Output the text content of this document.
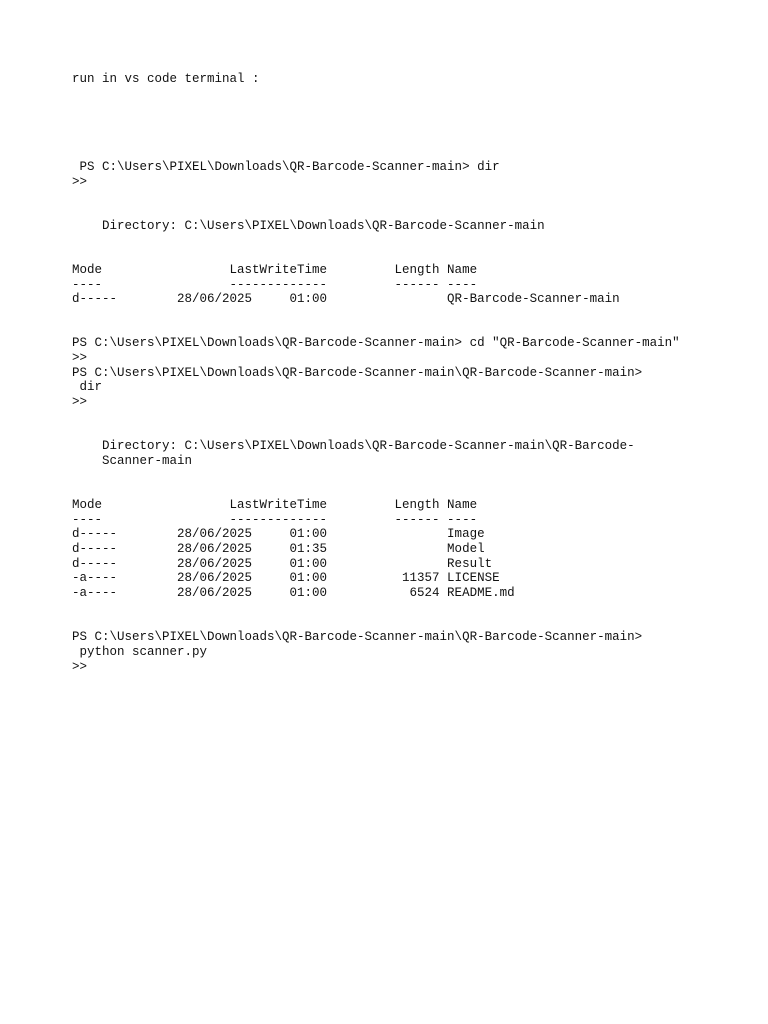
run in vs code terminal :
PS C:\Users\PIXEL\Downloads\QR-Barcode-Scanner-main> dir
>>
Directory: C:\Users\PIXEL\Downloads\QR-Barcode-Scanner-main
Mode                 LastWriteTime         Length Name
----                 -------------         ------ ----
d-----        28/06/2025     01:00                QR-Barcode-Scanner-main
PS C:\Users\PIXEL\Downloads\QR-Barcode-Scanner-main> cd "QR-Barcode-Scanner-main"
>>
PS C:\Users\PIXEL\Downloads\QR-Barcode-Scanner-main\QR-Barcode-Scanner-main>
dir
>>
Directory: C:\Users\PIXEL\Downloads\QR-Barcode-Scanner-main\QR-Barcode-
Scanner-main
Mode                 LastWriteTime         Length Name
----                 -------------         ------ ----
d-----        28/06/2025     01:00                Image
d-----        28/06/2025     01:35                Model
d-----        28/06/2025     01:00                Result
-a----        28/06/2025     01:00          11357 LICENSE
-a----        28/06/2025     01:00           6524 README.md
PS C:\Users\PIXEL\Downloads\QR-Barcode-Scanner-main\QR-Barcode-Scanner-main>
python scanner.py
>>
